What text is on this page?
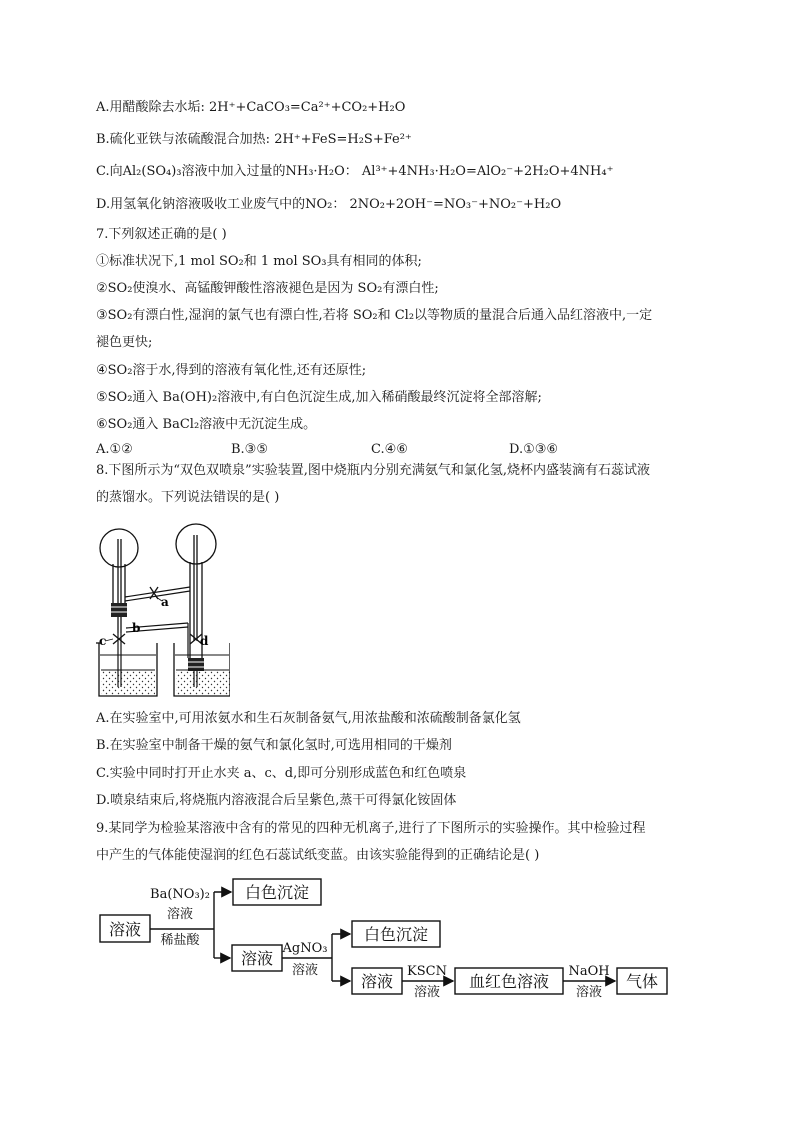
A.用醋酸除去水垢: 2H⁺+CaCO₃=Ca²⁺+CO₂+H₂O
B.硫化亚铁与浓硫酸混合加热: 2H⁺+FeS=H₂S+Fe²⁺
C.向Al₂(SO₄)₃溶液中加入过量的NH₃·H₂O： Al³⁺+4NH₃·H₂O=AlO₂⁻+2H₂O+4NH₄⁺
D.用氢氧化钠溶液吸收工业废气中的NO₂： 2NO₂+2OH⁻=NO₃⁻+NO₂⁻+H₂O
7.下列叙述正确的是( )
①标准状况下,1 mol SO₂和 1 mol SO₃具有相同的体积;
②SO₂使溴水、高锰酸钾酸性溶液褪色是因为 SO₂有漂白性;
③SO₂有漂白性,湿润的氯气也有漂白性,若将 SO₂和 Cl₂以等物质的量混合后通入品红溶液中,一定
褪色更快;
④SO₂溶于水,得到的溶液有氧化性,还有还原性;
⑤SO₂通入 Ba(OH)₂溶液中,有白色沉淀生成,加入稀硝酸最终沉淀将全部溶解;
⑥SO₂通入 BaCl₂溶液中无沉淀生成。
A.①②	B.③⑤	C.④⑥	D.①③⑥
8.下图所示为“双色双喷泉”实验装置,图中烧瓶内分别充满氨气和氯化氢,烧杯内盛装滴有石蕊试液
的蒸馏水。下列说法错误的是( )
a
b
c	d
A.在实验室中,可用浓氨水和生石灰制备氨气,用浓盐酸和浓硫酸制备氯化氢
B.在实验室中制备干燥的氨气和氯化氢时,可选用相同的干燥剂
C.实验中同时打开止水夹 a、c、d,即可分别形成蓝色和红色喷泉
D.喷泉结束后,将烧瓶内溶液混合后呈紫色,蒸干可得氯化铵固体
9.某同学为检验某溶液中含有的常见的四种无机离子,进行了下图所示的实验操作。其中检验过程
中产生的气体能使湿润的红色石蕊试纸变蓝。由该实验能得到的正确结论是( )
溶液
白色沉淀
溶液
白色沉淀
溶液	血红色溶液	气体
Ba(NO₃)₂
溶液
稀盐酸
AgNO₃
溶液	KSCN
溶液
NaOH
溶液
